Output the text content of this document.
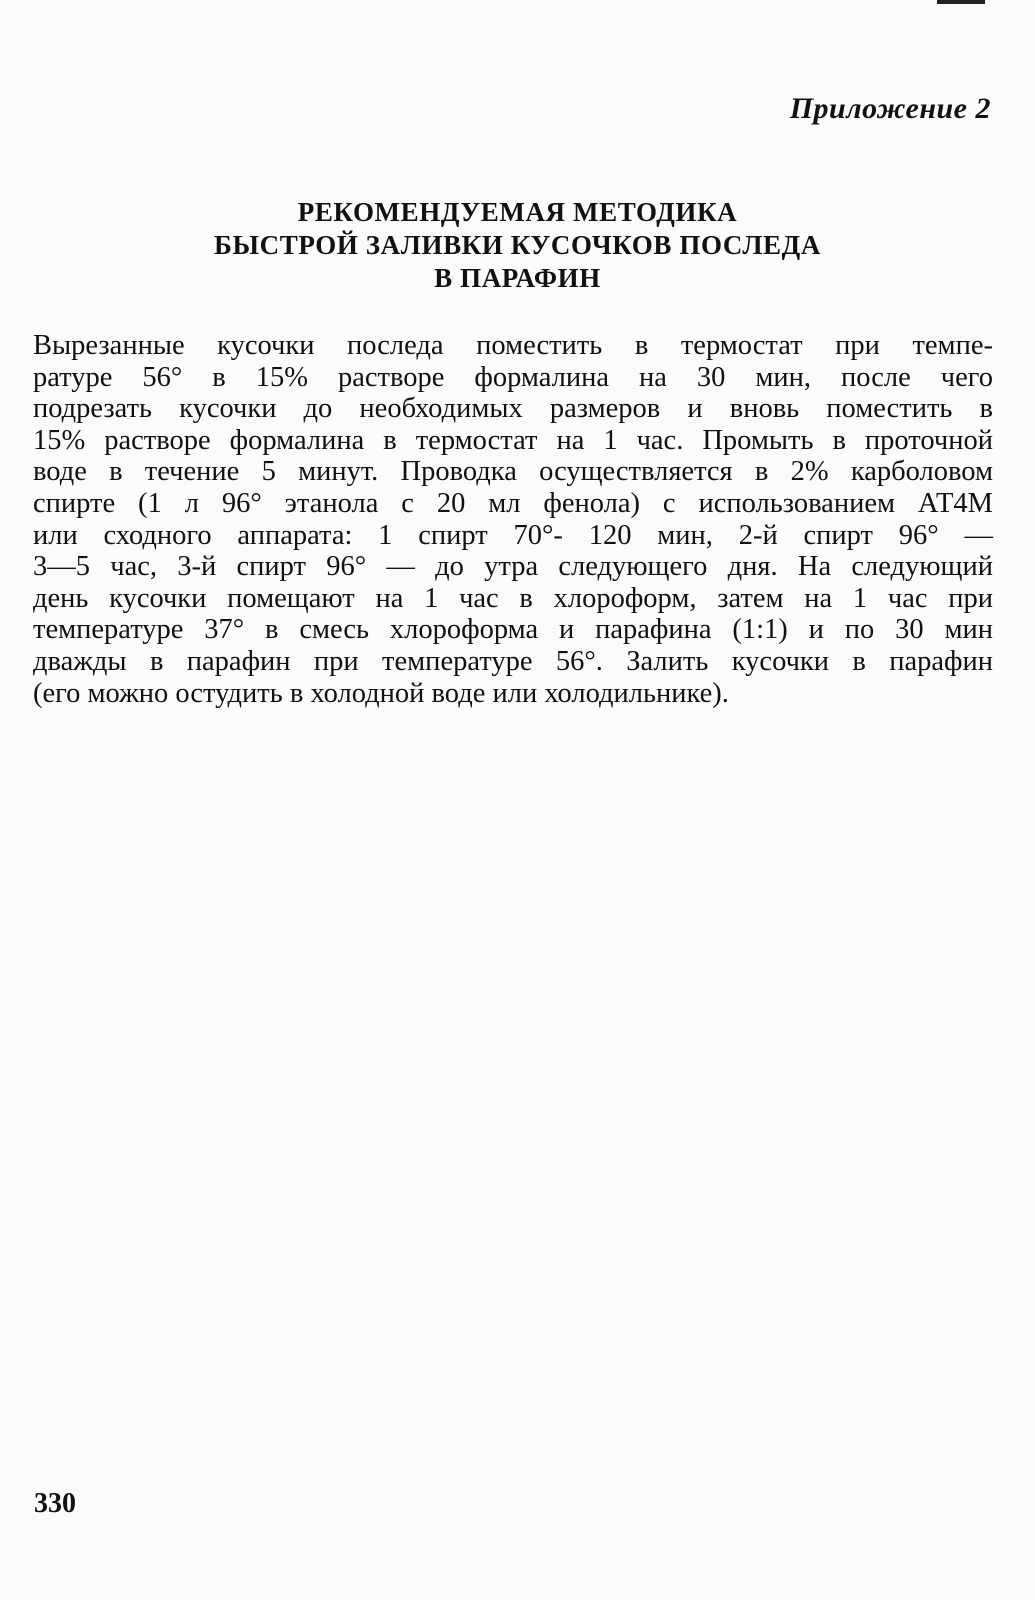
Приложение 2
РЕКОМЕНДУЕМАЯ МЕТОДИКА
БЫСТРОЙ ЗАЛИВКИ КУСОЧКОВ ПОСЛЕДА
В ПАРАФИН
Вырезанные кусочки последа поместить в термостат при темпе-
ратуре 56° в 15% растворе формалина на 30 мин, после чего
подрезать кусочки до необходимых размеров и вновь поместить в
15% растворе формалина в термостат на 1 час. Промыть в проточной
воде в течение 5 минут. Проводка осуществляется в 2% карболовом
спирте (1 л 96° этанола с 20 мл фенола) с использованием АТ4М
или сходного аппарата: 1 спирт 70°- 120 мин, 2-й спирт 96° —
3—5 час, 3-й спирт 96° — до утра следующего дня. На следующий
день кусочки помещают на 1 час в хлороформ, затем на 1 час при
температуре 37° в смесь хлороформа и парафина (1:1) и по 30 мин
дважды в парафин при температуре 56°. Залить кусочки в парафин
(его можно остудить в холодной воде или холодильнике).
330
